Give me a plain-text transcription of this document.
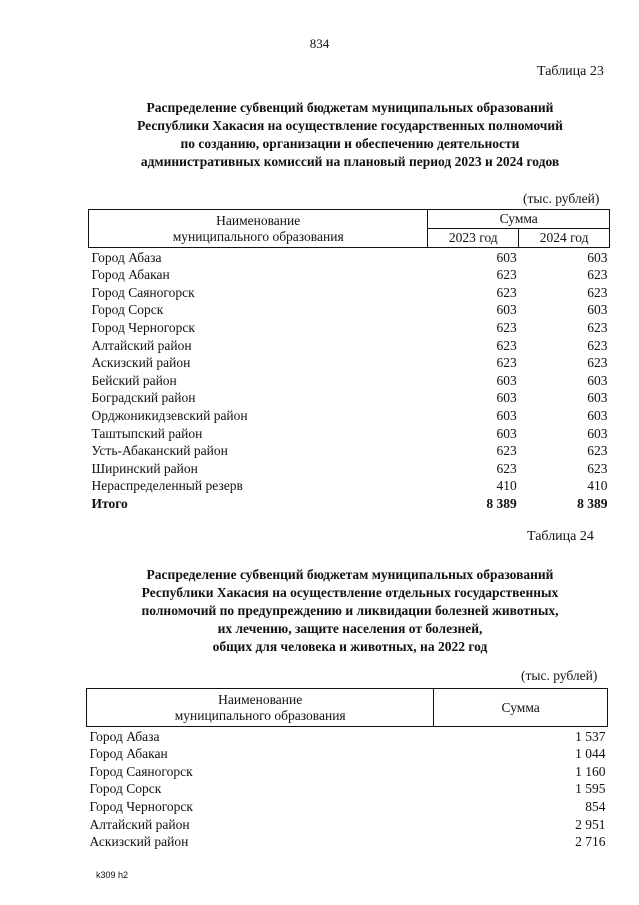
834
Таблица 23
Распределение субвенций бюджетам муниципальных образований
Республики Хакасия на осуществление государственных полномочий
по созданию, организации и обеспечению деятельности
административных комиссий на плановый период 2023 и 2024 годов
(тыс. рублей)
Наименование
муниципального образования	Сумма	
	2023 год	2024 год
Город Абаза	603	603
Город Абакан	623	623
Город Саяногорск	623	623
Город Сорск	603	603
Город Черногорск	623	623
Алтайский район	623	623
Аскизский район	623	623
Бейский район	603	603
Боградский район	603	603
Орджоникидзевский район	603	603
Таштыпский район	603	603
Усть-Абаканский район	623	623
Ширинский район	623	623
Нераспределенный резерв	410	410
Итого	8 389	8 389
Таблица 24
Распределение субвенций бюджетам муниципальных образований
Республики Хакасия на осуществление отдельных государственных
полномочий по предупреждению и ликвидации болезней животных,
их лечению, защите населения от болезней,
общих для человека и животных, на 2022 год
(тыс. рублей)
Наименование
муниципального образования	Сумма
Город Абаза	1 537
Город Абакан	1 044
Город Саяногорск	1 160
Город Сорск	1 595
Город Черногорск	854
Алтайский район	2 951
Аскизский район	2 716
k309 h2
